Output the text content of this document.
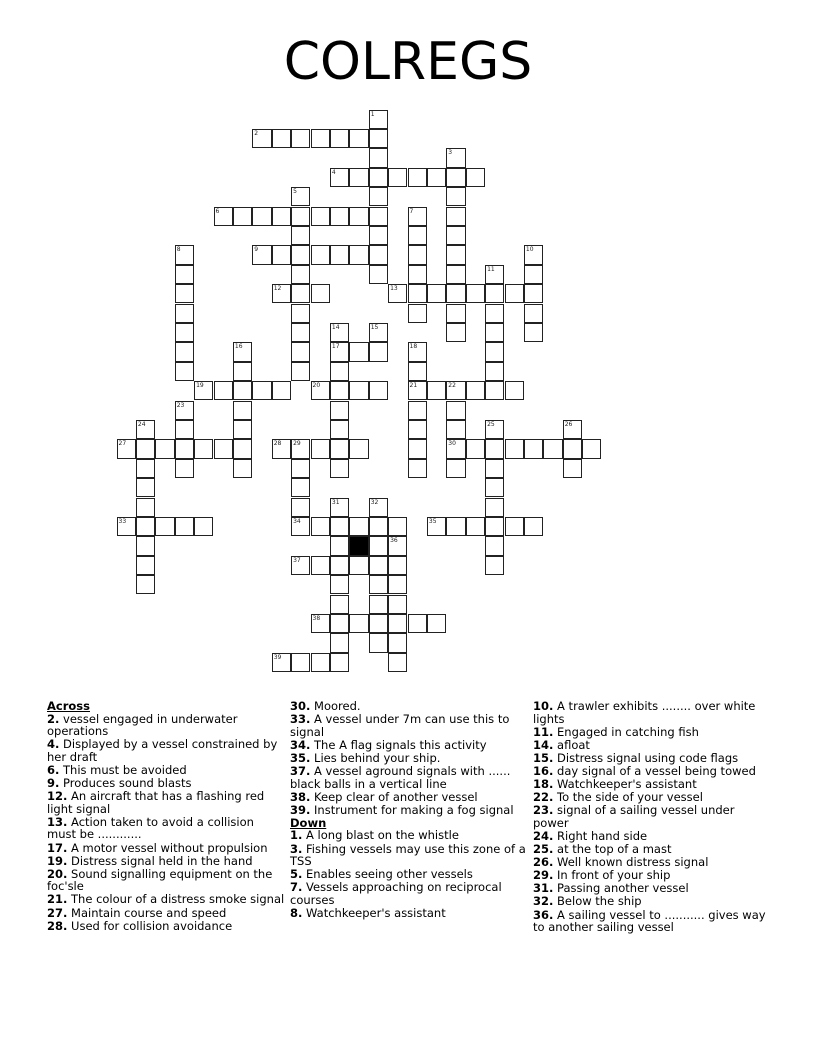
COLREGS
1
2
3
4
5
6	7
8	9	10
11
12	13
14
17
15
16	18
21
19	20	22
30
23
24	25	26
27	28 29
34
31	32
33	35
36
37
38
39
Across
2. vessel engaged in underwater operations
4. Displayed by a vessel constrained by her draft
6. This must be avoided
9. Produces sound blasts
12. An aircraft that has a flashing red light signal
13. Action taken to avoid a collision must be ............
17. A motor vessel without propulsion
19. Distress signal held in the hand
20. Sound signalling equipment on the foc'sle
21. The colour of a distress smoke signal
27. Maintain course and speed
28. Used for collision avoidance
30. Moored.
33. A vessel under 7m can use this to signal
34. The A flag signals this activity
35. Lies behind your ship.
37. A vessel aground signals with ...... black balls in a vertical line
38. Keep clear of another vessel
39. Instrument for making a fog signal
Down
1. A long blast on the whistle
3. Fishing vessels may use this zone of a TSS
5. Enables seeing other vessels
7. Vessels approaching on reciprocal courses
8. Watchkeeper's assistant
10. A trawler exhibits ........ over white lights
11. Engaged in catching fish
14. afloat
15. Distress signal using code flags
16. day signal of a vessel being towed
18. Watchkeeper's assistant
22. To the side of your vessel
23. signal of a sailing vessel under power
24. Right hand side
25. at the top of a mast
26. Well known distress signal
29. In front of your ship
31. Passing another vessel
32. Below the ship
36. A sailing vessel to ........... gives way to another sailing vessel
